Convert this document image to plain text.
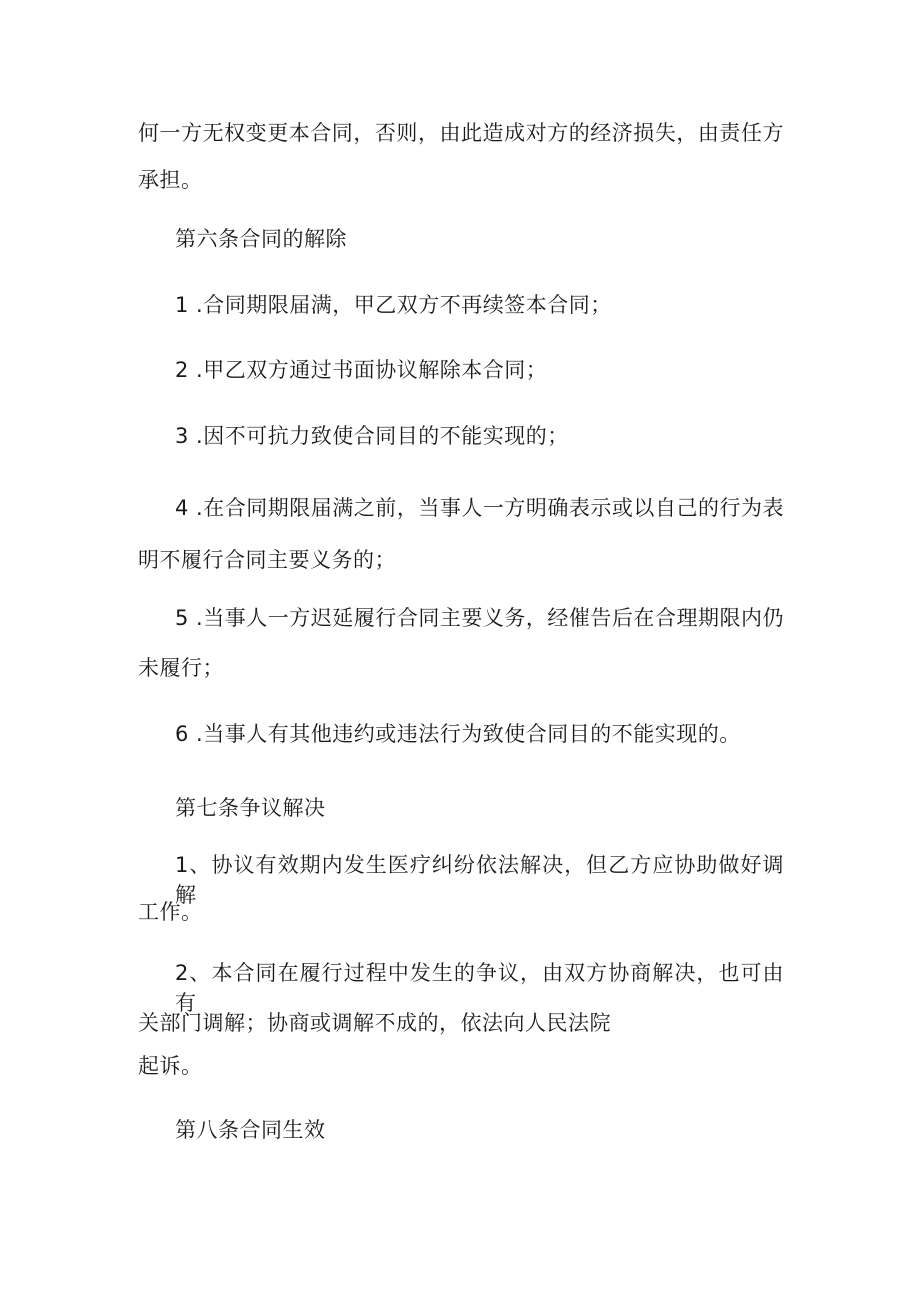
何一方无权变更本合同，否则，由此造成对方的经济损失，由责任方
承担。
第六条合同的解除
1 .合同期限届满，甲乙双方不再续签本合同；
2 .甲乙双方通过书面协议解除本合同；
3 .因不可抗力致使合同目的不能实现的；
4 .在合同期限届满之前，当事人一方明确表示或以自己的行为表
明不履行合同主要义务的；
5 .当事人一方迟延履行合同主要义务，经催告后在合理期限内仍
未履行；
6 .当事人有其他违约或违法行为致使合同目的不能实现的。
第七条争议解决
1、协议有效期内发生医疗纠纷依法解决，但乙方应协助做好调解
工作。
2、本合同在履行过程中发生的争议，由双方协商解决，也可由有
关部门调解；协商或调解不成的，依法向人民法院
起诉。
第八条合同生效
